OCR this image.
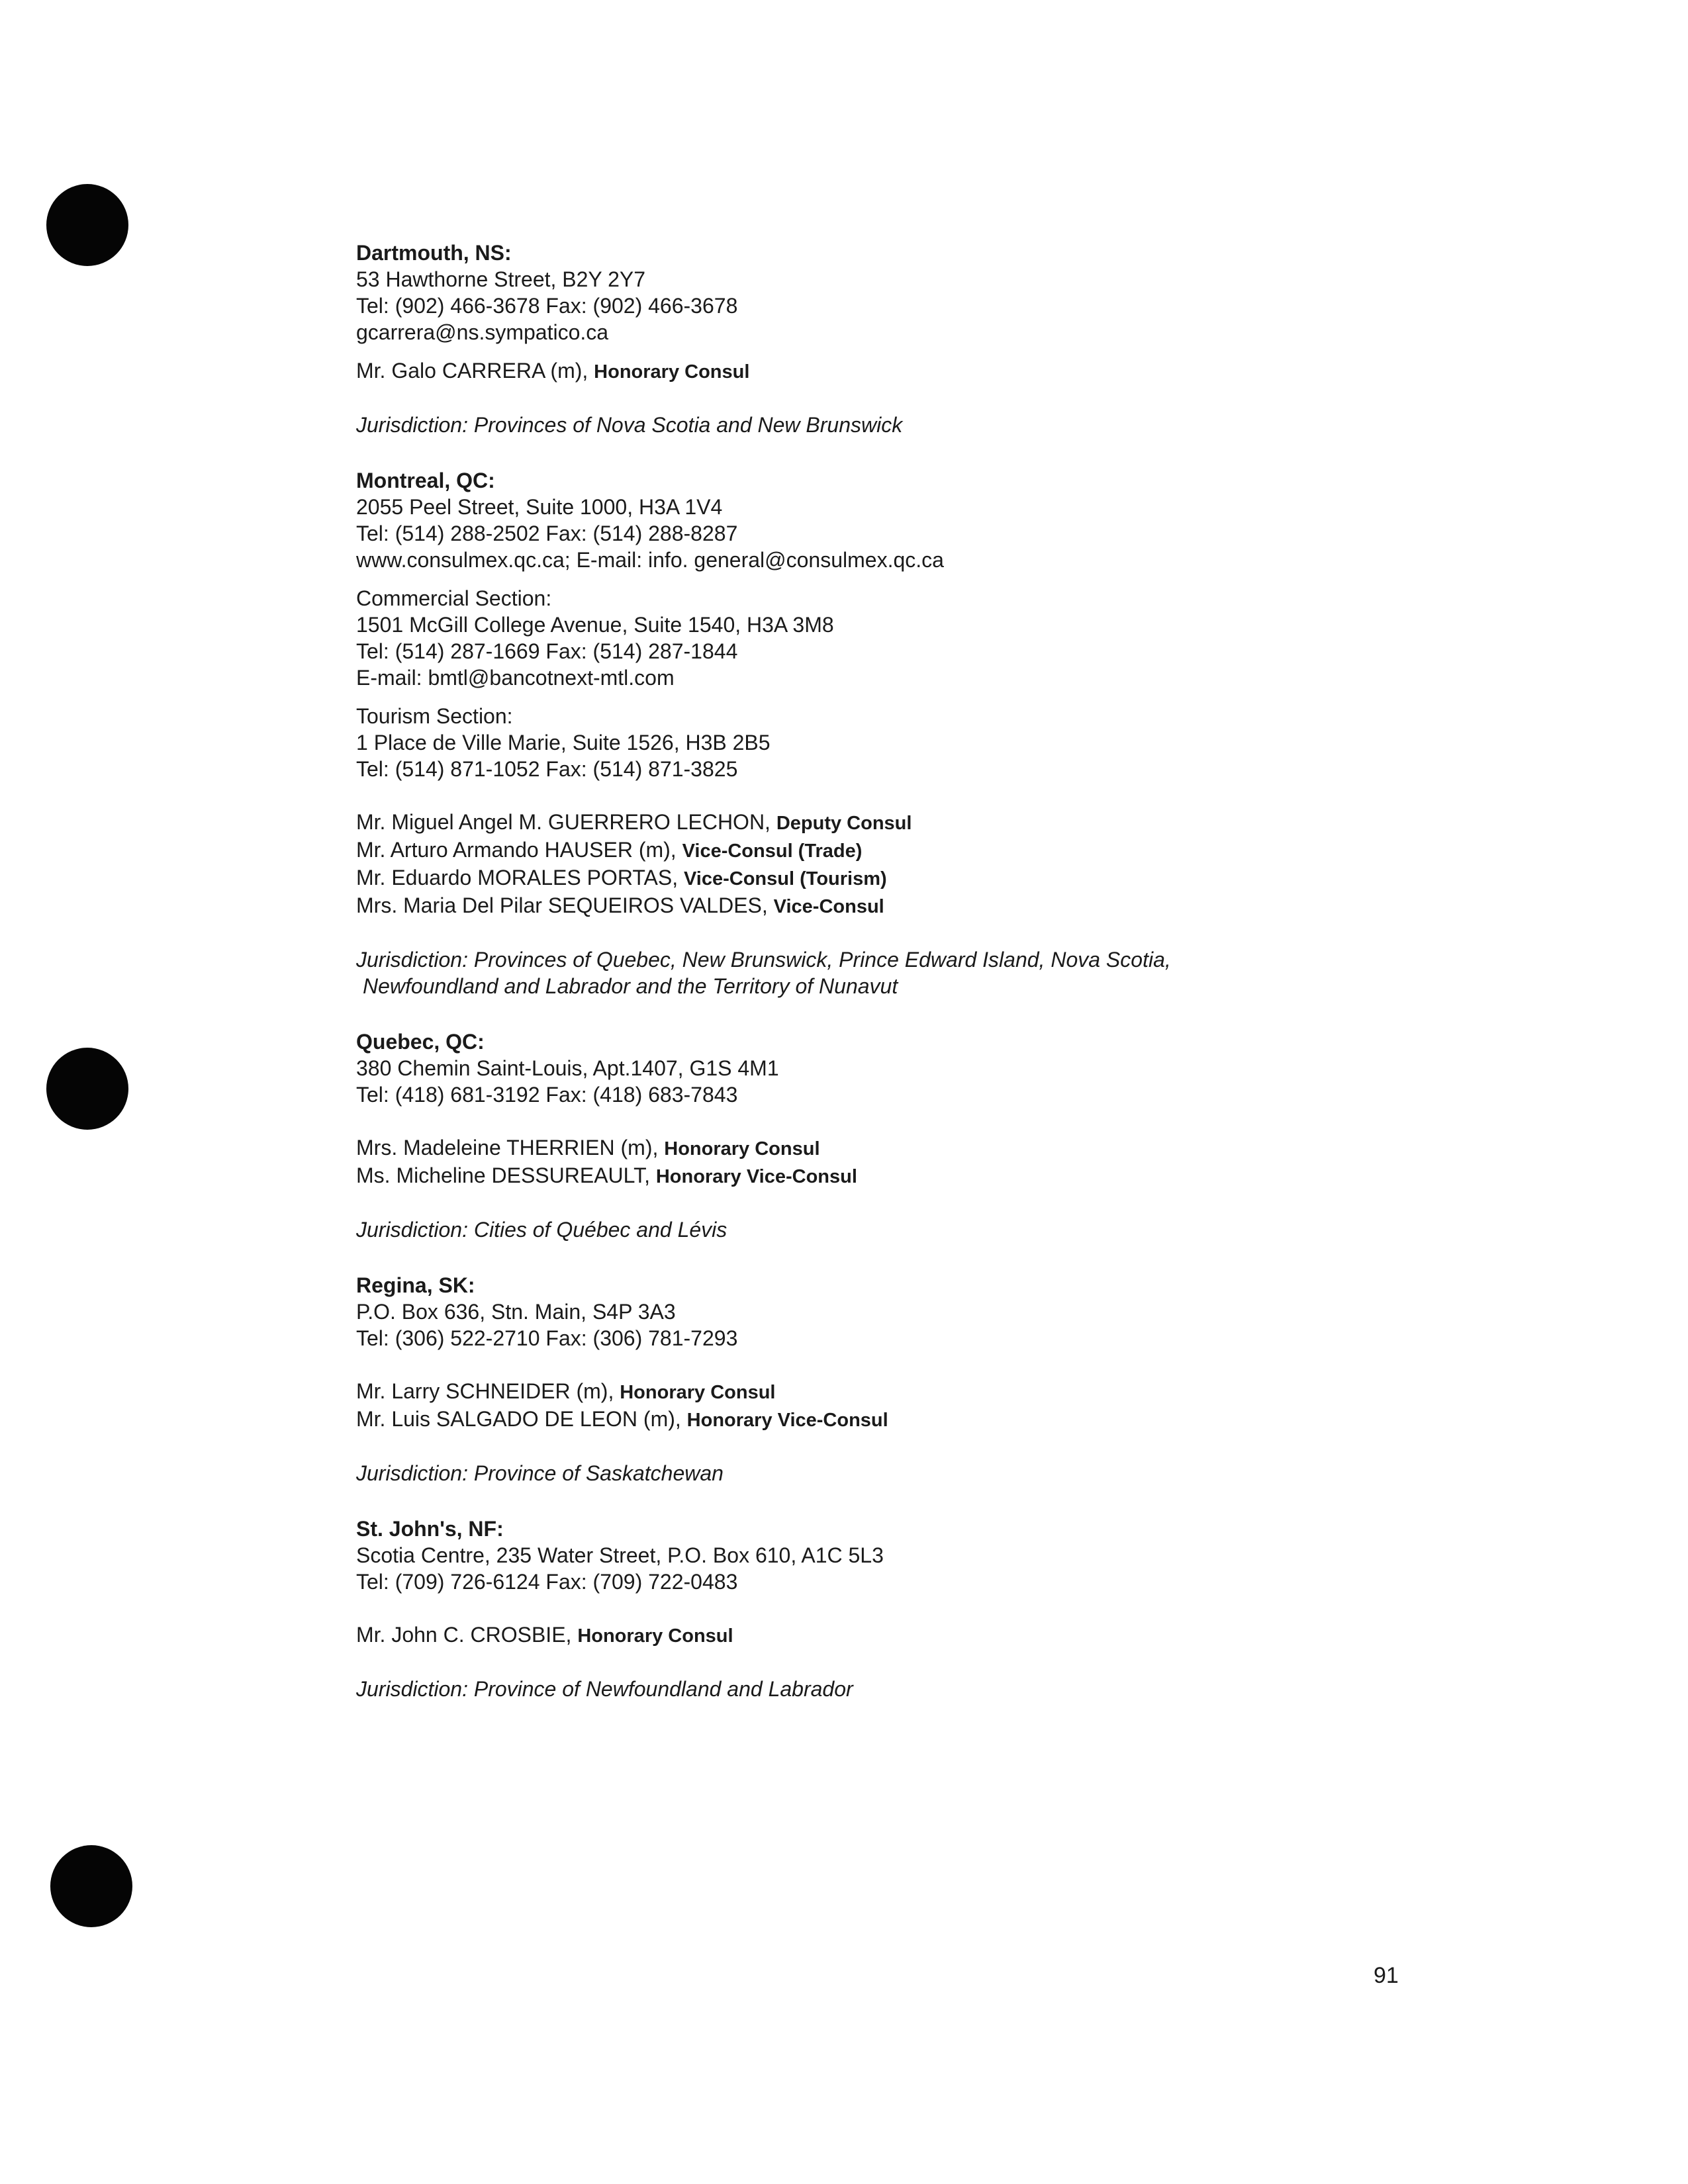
Dartmouth, NS:
53 Hawthorne Street, B2Y 2Y7
Tel: (902) 466-3678 Fax: (902) 466-3678
gcarrera@ns.sympatico.ca
Mr. Galo CARRERA (m), Honorary Consul
Jurisdiction: Provinces of Nova Scotia and New Brunswick
Montreal, QC:
2055 Peel Street, Suite 1000, H3A 1V4
Tel: (514) 288-2502 Fax: (514) 288-8287
www.consulmex.qc.ca; E-mail: info. general@consulmex.qc.ca
Commercial Section:
1501 McGill College Avenue, Suite 1540, H3A 3M8
Tel: (514) 287-1669 Fax: (514) 287-1844
E-mail: bmtl@bancotnext-mtl.com
Tourism Section:
1 Place de Ville Marie, Suite 1526, H3B 2B5
Tel: (514) 871-1052 Fax: (514) 871-3825
Mr. Miguel Angel M. GUERRERO LECHON, Deputy Consul
Mr. Arturo Armando HAUSER (m), Vice-Consul (Trade)
Mr. Eduardo MORALES PORTAS, Vice-Consul (Tourism)
Mrs. Maria Del Pilar SEQUEIROS VALDES, Vice-Consul
Jurisdiction: Provinces of Quebec, New Brunswick, Prince Edward Island, Nova Scotia,
Newfoundland and Labrador and the Territory of Nunavut
Quebec, QC:
380 Chemin Saint-Louis, Apt.1407, G1S 4M1
Tel: (418) 681-3192 Fax: (418) 683-7843
Mrs. Madeleine THERRIEN (m), Honorary Consul
Ms. Micheline DESSUREAULT, Honorary Vice-Consul
Jurisdiction: Cities of Québec and Lévis
Regina, SK:
P.O. Box 636, Stn. Main, S4P 3A3
Tel: (306) 522-2710 Fax: (306) 781-7293
Mr. Larry SCHNEIDER (m), Honorary Consul
Mr. Luis SALGADO DE LEON (m), Honorary Vice-Consul
Jurisdiction: Province of Saskatchewan
St. John's, NF:
Scotia Centre, 235 Water Street, P.O. Box 610, A1C 5L3
Tel: (709) 726-6124 Fax: (709) 722-0483
Mr. John C. CROSBIE, Honorary Consul
Jurisdiction: Province of Newfoundland and Labrador
91
